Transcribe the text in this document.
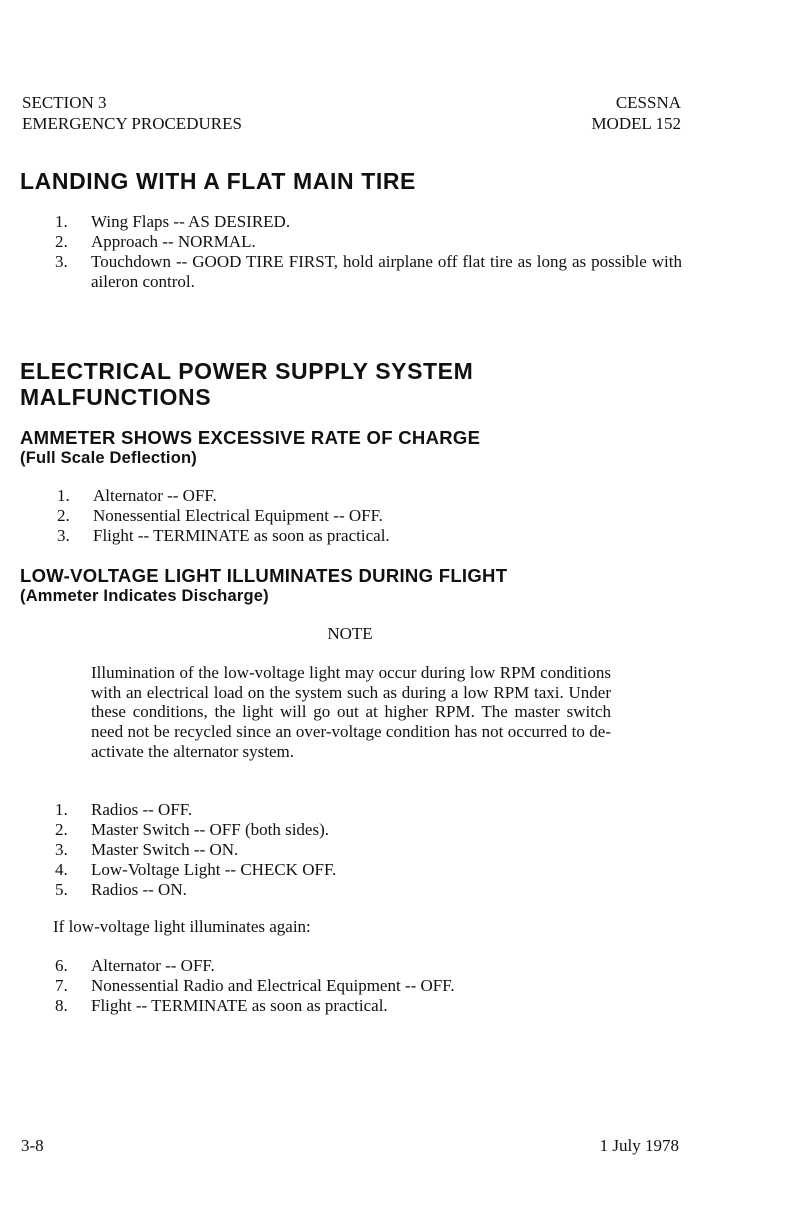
SECTION 3
EMERGENCY PROCEDURES
CESSNA
MODEL 152
LANDING WITH A FLAT MAIN TIRE
1.	Wing Flaps -- AS DESIRED.
2.	Approach -- NORMAL.
3.	Touchdown -- GOOD TIRE FIRST, hold airplane off flat tire as long as possible with aileron control.
ELECTRICAL POWER SUPPLY SYSTEM
MALFUNCTIONS
AMMETER SHOWS EXCESSIVE RATE OF CHARGE
(Full Scale Deflection)
1.	Alternator -- OFF.
2.	Nonessential Electrical Equipment -- OFF.
3.	Flight -- TERMINATE as soon as practical.
LOW-VOLTAGE LIGHT ILLUMINATES DURING FLIGHT
(Ammeter Indicates Discharge)
NOTE
Illumination of the low-voltage light may occur during low RPM conditions with an electrical load on the system such as during a low RPM taxi. Under these conditions, the light will go out at higher RPM. The master switch need not be recycled since an over-voltage condition has not occurred to de-activate the alternator system.
1.	Radios -- OFF.
2.	Master Switch -- OFF (both sides).
3.	Master Switch -- ON.
4.	Low-Voltage Light -- CHECK OFF.
5.	Radios -- ON.
If low-voltage light illuminates again:
6.	Alternator -- OFF.
7.	Nonessential Radio and Electrical Equipment -- OFF.
8.	Flight -- TERMINATE as soon as practical.
3-8	1 July 1978
